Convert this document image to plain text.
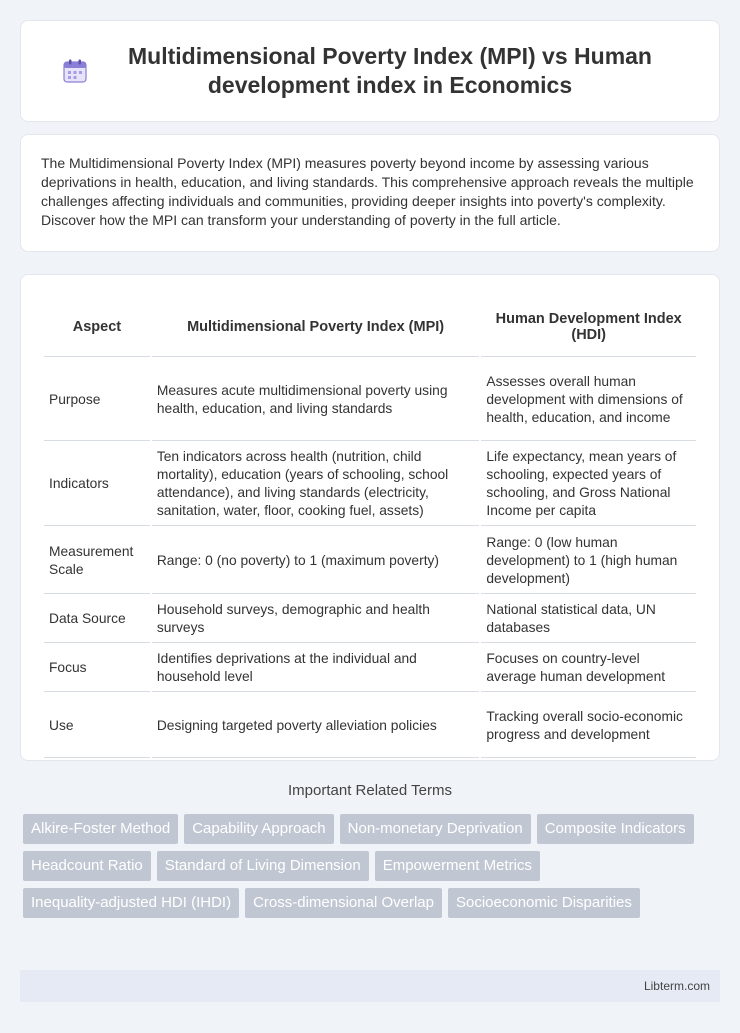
Multidimensional Poverty Index (MPI) vs Human development index in Economics

The Multidimensional Poverty Index (MPI) measures poverty beyond income by assessing various deprivations in health, education, and living standards. This comprehensive approach reveals the multiple challenges affecting individuals and communities, providing deeper insights into poverty's complexity. Discover how the MPI can transform your understanding of poverty in the full article.

Aspect	Multidimensional Poverty Index (MPI)	Human Development Index (HDI)
Purpose	Measures acute multidimensional poverty using health, education, and living standards	Assesses overall human development with dimensions of health, education, and income
Indicators	Ten indicators across health (nutrition, child mortality), education (years of schooling, school attendance), and living standards (electricity, sanitation, water, floor, cooking fuel, assets)	Life expectancy, mean years of schooling, expected years of schooling, and Gross National Income per capita
Measurement Scale	Range: 0 (no poverty) to 1 (maximum poverty)	Range: 0 (low human development) to 1 (high human development)
Data Source	Household surveys, demographic and health surveys	National statistical data, UN databases
Focus	Identifies deprivations at the individual and household level	Focuses on country-level average human development
Use	Designing targeted poverty alleviation policies	Tracking overall socio-economic progress and development
Important Related Terms
Alkire-Foster Method	Capability Approach	Non-monetary Deprivation	Composite Indicators
Headcount Ratio	Standard of Living Dimension	Empowerment Metrics
Inequality-adjusted HDI (IHDI)	Cross-dimensional Overlap	Socioeconomic Disparities
Libterm.com
